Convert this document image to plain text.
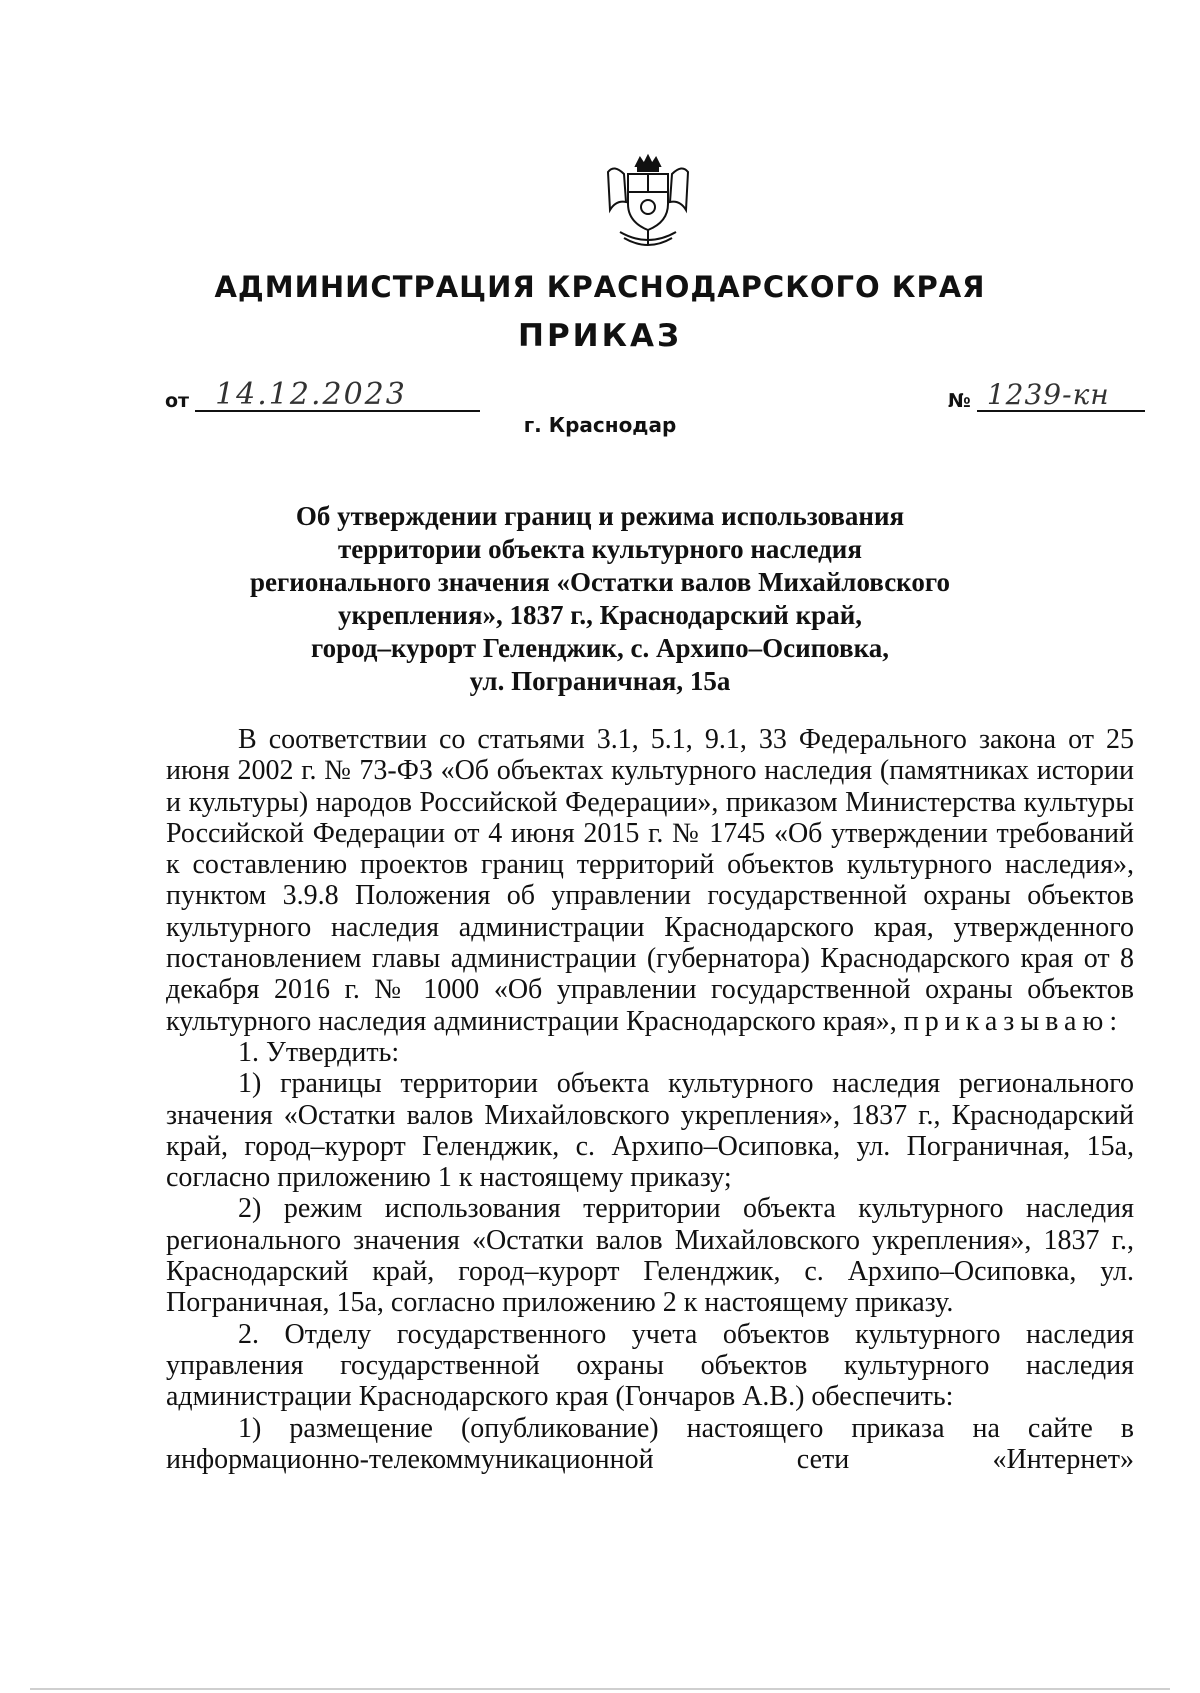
АДМИНИСТРАЦИЯ КРАСНОДАРСКОГО КРАЯ
ПРИКАЗ
от 14.12.2023	№ 1239-кн
г. Краснодар
Об утверждении границ и режима использования
территории объекта культурного наследия
регионального значения «Остатки валов Михайловского
укрепления», 1837 г., Краснодарский край,
город–курорт Геленджик, с. Архипо–Осиповка,
ул. Пограничная, 15а

В соответствии со статьями 3.1, 5.1, 9.1, 33 Федерального закона от 25 июня 2002 г. № 73-ФЗ «Об объектах культурного наследия (памятниках истории и культуры) народов Российской Федерации», приказом Министерства культуры Российской Федерации от 4 июня 2015 г. № 1745 «Об утверждении требований к составлению проектов границ территорий объектов культурного наследия», пунктом 3.9.8 Положения об управлении государственной охраны объектов культурного наследия администрации Краснодарского края, утвержденного постановлением главы администрации (губернатора) Краснодарского края от 8 декабря 2016 г. № 1000 «Об управлении государственной охраны объектов культурного наследия администрации Краснодарского края», приказываю:

1. Утвердить:

1) границы территории объекта культурного наследия регионального значения «Остатки валов Михайловского укрепления», 1837 г., Краснодарский край, город–курорт Геленджик, с. Архипо–Осиповка, ул. Пограничная, 15а, согласно приложению 1 к настоящему приказу;

2) режим использования территории объекта культурного наследия регионального значения «Остатки валов Михайловского укрепления», 1837 г., Краснодарский край, город–курорт Геленджик, с. Архипо–Осиповка, ул. Пограничная, 15а, согласно приложению 2 к настоящему приказу.

2. Отделу государственного учета объектов культурного наследия управления государственной охраны объектов культурного наследия администрации Краснодарского края (Гончаров А.В.) обеспечить:

1) размещение (опубликование) настоящего приказа на сайте в информационно-телекоммуникационной сети «Интернет»
